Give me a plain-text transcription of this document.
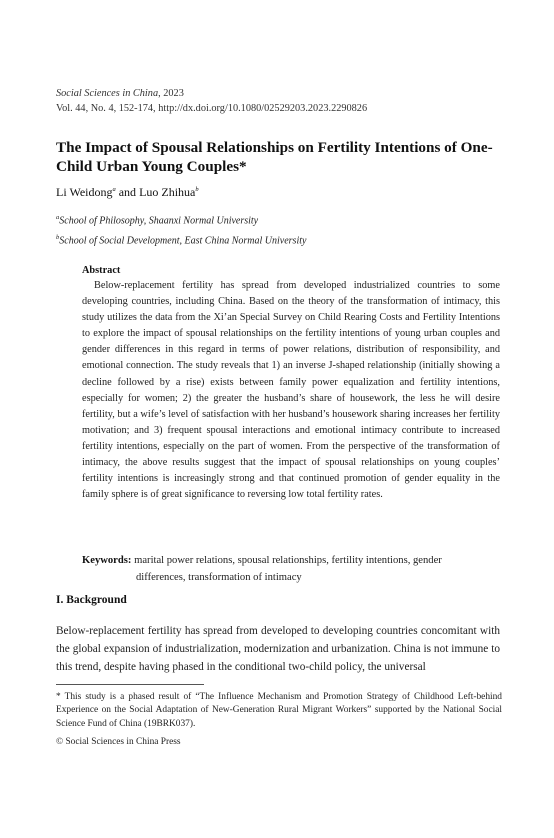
Social Sciences in China, 2023
Vol. 44, No. 4, 152-174, http://dx.doi.org/10.1080/02529203.2023.2290826
The Impact of Spousal Relationships on Fertility Intentions of One-Child Urban Young Couples*
Li Weidong$^a$ and Luo Zhihua$^b$
$^a$School of Philosophy, Shaanxi Normal University
$^b$School of Social Development, East China Normal University
Abstract

Below-replacement fertility has spread from developed industrialized countries to some developing countries, including China. Based on the theory of the transformation of intimacy, this study utilizes the data from the Xi’an Special Survey on Child Rearing Costs and Fertility Intentions to explore the impact of spousal relationships on the fertility intentions of young urban couples and gender differences in this regard in terms of power relations, distribution of responsibility, and emotional connection. The study reveals that 1) an inverse J-shaped relationship (initially showing a decline followed by a rise) exists between family power equalization and fertility intentions, especially for women; 2) the greater the husband’s share of housework, the less he will desire fertility, but a wife’s level of satisfaction with her husband’s housework sharing increases her fertility motivation; and 3) frequent spousal interactions and emotional intimacy contribute to increased fertility intentions, especially on the part of women. From the perspective of the transformation of intimacy, the above results suggest that the impact of spousal relationships on young couples’ fertility intentions is increasingly strong and that continued promotion of gender equality in the family sphere is of great significance to reversing low total fertility rates.

Keywords: marital power relations, spousal relationships, fertility intentions, gender
differences, transformation of intimacy
I. Background

Below-replacement fertility has spread from developed to developing countries concomitant with the global expansion of industrialization, modernization and urbanization. China is not immune to this trend, despite having phased in the conditional two-child policy, the universal

* This study is a phased result of “The Influence Mechanism and Promotion Strategy of Childhood Left-behind Experience on the Social Adaptation of New-Generation Rural Migrant Workers” supported by the National Social Science Fund of China (19BRK037).

© Social Sciences in China Press
